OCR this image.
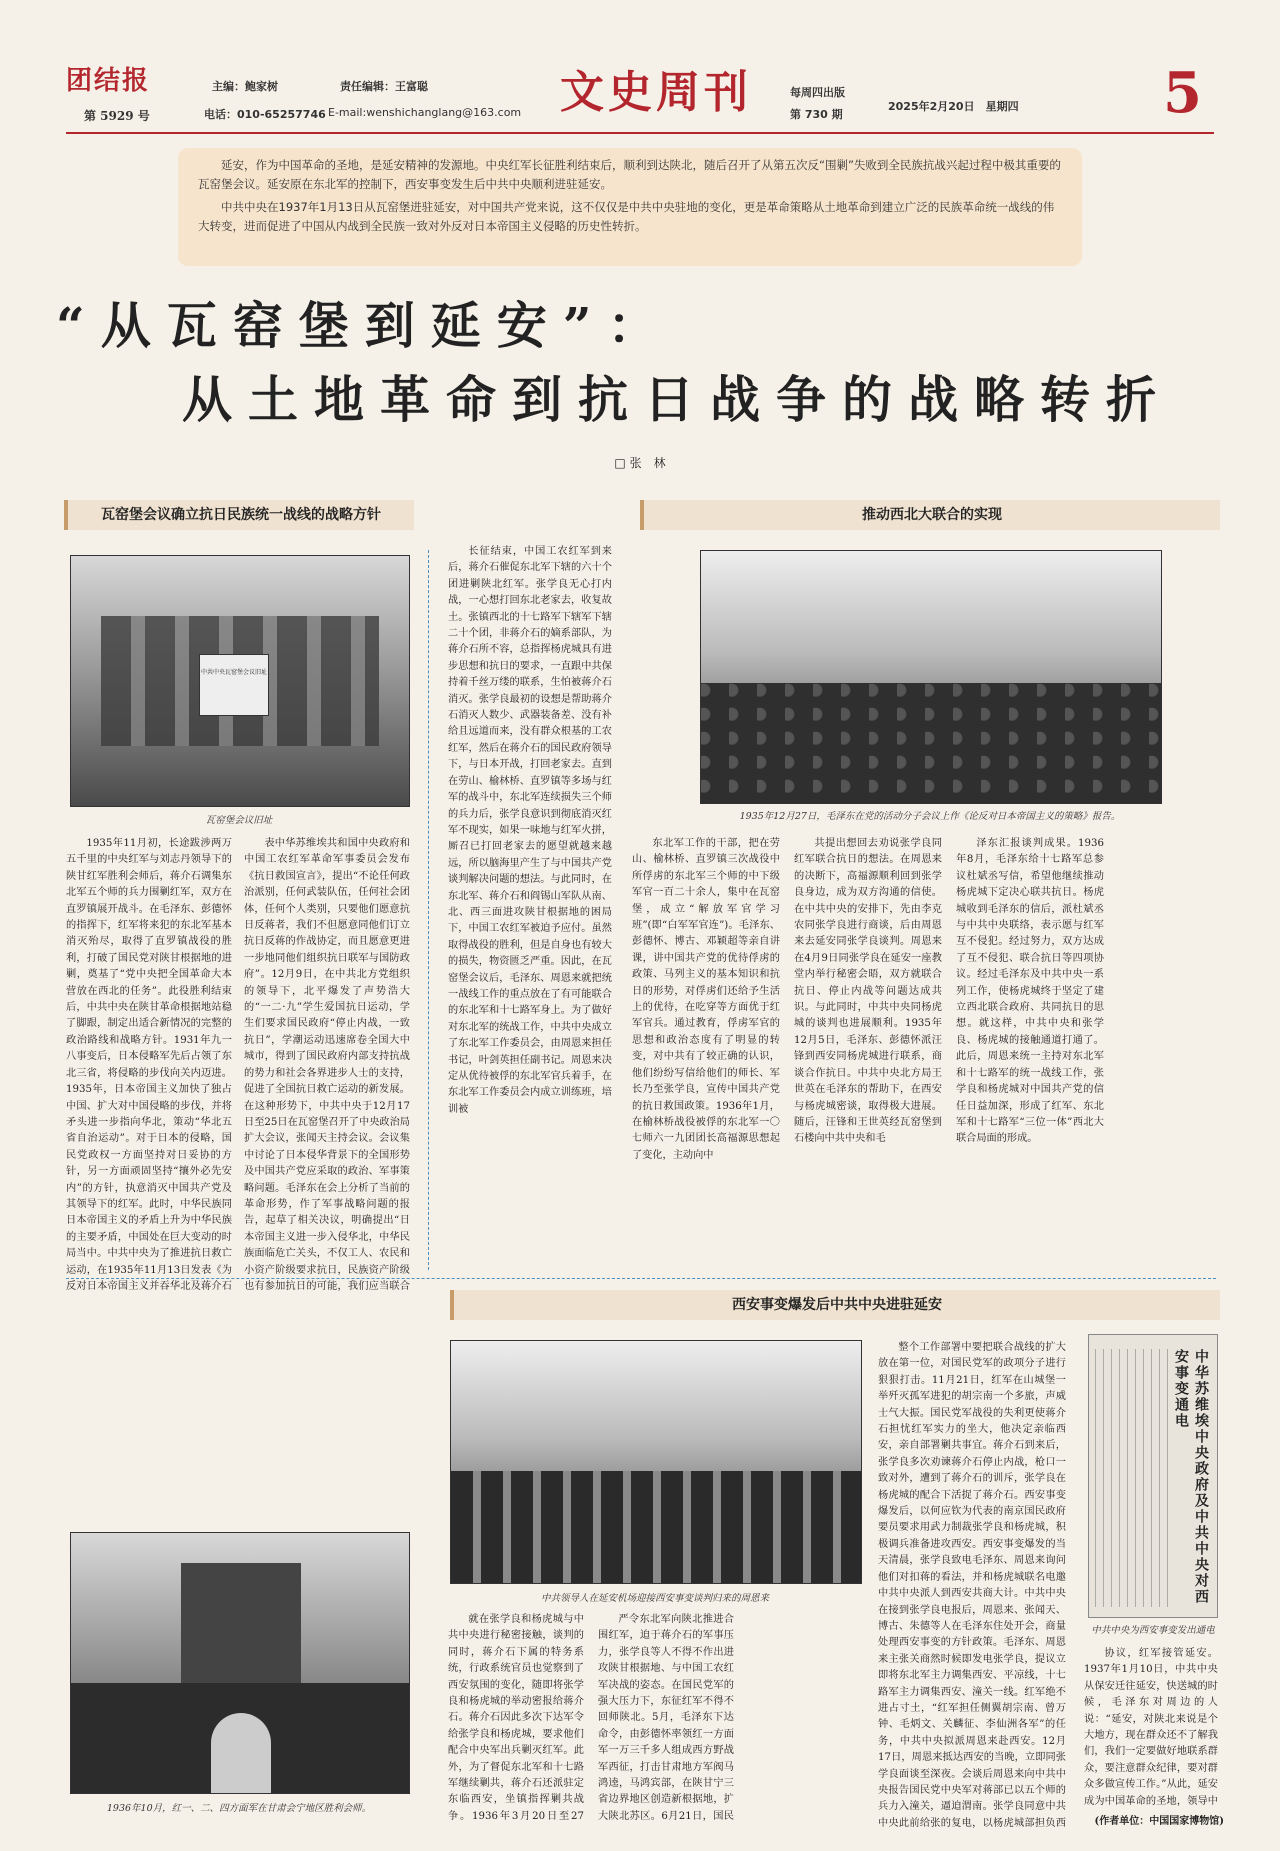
团结报
第 5929 号
主编：鲍家树	责任编辑：王富聪
电话：010-65257746 E-mail:wenshichanglang@163.com 文史周刊	每周四出版
第 730 期
2025年2月20日　星期四	5

延安，作为中国革命的圣地，是延安精神的发源地。中央红军长征胜利结束后，顺利到达陕北，随后召开了从第五次反“围剿”失败到全民族抗战兴起过程中极其重要的瓦窑堡会议。延安原在东北军的控制下，西安事变发生后中共中央顺利进驻延安。

中共中央在1937年1月13日从瓦窑堡进驻延安，对中国共产党来说，这不仅仅是中共中央驻地的变化，更是革命策略从土地革命到建立广泛的民族革命统一战线的伟大转变，进而促进了中国从内战到全民族一致对外反对日本帝国主义侵略的历史性转折。

“从瓦窑堡到延安”：
从土地革命到抗日战争的战略转折
□ 张　林
瓦窑堡会议确立抗日民族统一战线的战略方针
中共中央瓦窑堡会议旧址
瓦窑堡会议旧址

1935年11月初，长途跋涉两万五千里的中央红军与刘志丹领导下的陕甘红军胜利会师后，蒋介石调集东北军五个师的兵力围剿红军，双方在直罗镇展开战斗。在毛泽东、彭德怀的指挥下，红军将来犯的东北军基本消灭殆尽，取得了直罗镇战役的胜利，打破了国民党对陕甘根据地的进剿，奠基了“党中央把全国革命大本营放在西北的任务”。此役胜利结束后，中共中央在陕甘革命根据地站稳了脚跟，制定出适合新情况的完整的政治路线和战略方针。1931年九一八事变后，日本侵略军先后占领了东北三省，将侵略的步伐向关内迈进。1935年，日本帝国主义加快了独占中国、扩大对中国侵略的步伐，并将矛头进一步指向华北，策动“华北五省自治运动”。对于日本的侵略，国民党政权一方面坚持对日妥协的方针，另一方面顽固坚持“攘外必先安内”的方针，执意消灭中国共产党及其领导下的红军。此时，中华民族同日本帝国主义的矛盾上升为中华民族的主要矛盾，中国处在巨大变动的时局当中。中共中央为了推进抗日救亡运动，在1935年11月13日发表《为反对日本帝国主义并吞华北及蒋介石

表中华苏维埃共和国中央政府和中国工农红军革命军事委员会发布《抗日救国宣言》，提出“不论任何政治派别，任何武装队伍，任何社会团体，任何个人类别，只要他们愿意抗日反蒋者，我们不但愿意同他们订立抗日反蒋的作战协定，而且愿意更进一步地同他们组织抗日联军与国防政府”。12月9日，在中共北方党组织的领导下，北平爆发了声势浩大的“一二·九”学生爱国抗日运动，学生们要求国民政府“停止内战，一致抗日”，学潮运动迅速席卷全国大中城市，得到了国民政府内部支持抗战的势力和社会各界进步人士的支持，促进了全国抗日救亡运动的新发展。在这种形势下，中共中央于12月17日至25日在瓦窑堡召开了中央政治局扩大会议，张闻天主持会议。会议集中讨论了日本侵华背景下的全国形势及中国共产党应采取的政治、军事策略问题。毛泽东在会上分析了当前的革命形势，作了军事战略问题的报告，起草了相关决议，明确提出“日本帝国主义进一步入侵华北，中华民族面临危亡关头，不仅工人、农民和小资产阶级要求抗日，民族资产阶级也有参加抗日的可能，我们应当联合

长征结束，中国工农红军到来后，蒋介石催促东北军下辖的六十个团进剿陕北红军。张学良无心打内战，一心想打回东北老家去，收复故土。张镇西北的十七路军下辖军下辖二十个团，非蒋介石的嫡系部队，为蒋介石所不容，总指挥杨虎城具有进步思想和抗日的要求，一直跟中共保持着千丝万缕的联系，生怕被蒋介石消灭。张学良最初的设想是帮助蒋介石消灭人数少、武器装备差、没有补给且远道而来，没有群众根基的工农红军，然后在蒋介石的国民政府领导下，与日本开战，打回老家去。直到在劳山、榆林桥、直罗镇等多场与红军的战斗中，东北军连续损失三个师的兵力后，张学良意识到彻底消灭红军不现实，如果一味地与红军火拼，厮召已打回老家去的愿望就越来越远，所以脑海里产生了与中国共产党谈判解决问题的想法。与此同时，在东北军、蒋介石和阎锡山军队从南、北、西三面进攻陕甘根据地的困局下，中国工农红军被迫予应付。虽然取得战役的胜利，但是自身也有较大的损失，物资匮乏严重。因此，在瓦窑堡会议后，毛泽东、周恩来就把统一战线工作的重点放在了有可能联合的东北军和十七路军身上。为了做好对东北军的统战工作，中共中央成立了东北军工作委员会，由周恩来担任书记，叶剑英担任副书记。周恩来决定从优待被俘的东北军官兵着手，在东北军工作委员会内成立训练班，培训被

推动西北大联合的实现
1935年12月27日，毛泽东在党的活动分子会议上作《论反对日本帝国主义的策略》报告。

东北军工作的干部，把在劳山、榆林桥、直罗镇三次战役中所俘虏的东北军三个师的中下级军官一百二十余人，集中在瓦窑堡，成立“解放军官学习班”(即“白军军官连”)。毛泽东、彭德怀、博古、邓颖超等亲自讲课，讲中国共产党的优待俘虏的政策、马列主义的基本知识和抗日的形势，对俘虏们还给予生活上的优待，在吃穿等方面优于红军官兵。通过教育，俘虏军官的思想和政治态度有了明显的转变，对中共有了较正确的认识，他们纷纷写信给他们的师长、军长乃至张学良，宣传中国共产党的抗日救国政策。1936年1月，在榆林桥战役被俘的东北军一〇七师六一九团团长高福源思想起了变化，主动向中

共提出想回去劝说张学良同红军联合抗日的想法。在周恩来的决断下，高福源顺利回到张学良身边，成为双方沟通的信使。在中共中央的安排下，先由李克农同张学良进行商谈，后由周恩来去延安同张学良谈判。周恩来在4月9日同张学良在延安一座教堂内举行秘密会晤，双方就联合抗日、停止内战等问题达成共识。与此同时，中共中央同杨虎城的谈判也进展顺利。1935年12月5日，毛泽东、彭德怀派汪锋到西安同杨虎城进行联系，商谈合作抗日。中共中央北方局王世英在毛泽东的帮助下，在西安与杨虎城密谈，取得极大进展。随后，汪锋和王世英经瓦窑堡到石楼向中共中央和毛

泽东汇报谈判成果。1936年8月，毛泽东给十七路军总参议杜斌丞写信，希望他继续推动杨虎城下定决心联共抗日。杨虎城收到毛泽东的信后，派杜斌丞与中共中央联络，表示愿与红军互不侵犯。经过努力，双方达成了互不侵犯、联合抗日等四项协议。经过毛泽东及中共中央一系列工作，使杨虎城终于坚定了建立西北联合政府、共同抗日的思想。就这样，中共中央和张学良、杨虎城的接触通道打通了。此后，周恩来统一主持对东北军和十七路军的统一战线工作，张学良和杨虎城对中国共产党的信任日益加深，形成了红军、东北军和十七路军“三位一体”西北大联合局面的形成。

西安事变爆发后中共中央进驻延安
1936年10月，红一、二、四方面军在甘肃会宁地区胜利会师。
中共领导人在延安机场迎接西安事变谈判归来的周恩来

就在张学良和杨虎城与中共中央进行秘密接触，谈判的同时，蒋介石下属的特务系统，行政系统官员也觉察到了西安氛围的变化，随即将张学良和杨虎城的举动密报给蒋介石。蒋介石因此多次下达军令给张学良和杨虎城，要求他们配合中央军出兵剿灭红军。此外，为了督促东北军和十七路军继续剿共，蒋介石还派驻定东临西安，坐镇指挥剿共战争。1936年3月20日至27

严令东北军向陕北推进合围红军，迫于蒋介石的军事压力，张学良等人不得不作出进攻陕甘根据地、与中国工农红军决战的姿态。在国民党军的强大压力下，东征红军不得不回师陕北。5月，毛泽东下达命令，由彭德怀率领红一方面军一万三千多人组成西方野战军西征，打击甘肃地方军阀马鸿逵，马鸿宾部，在陕甘宁三省边界地区创造新根据地，扩大陕北苏区。6月21日，国民

整个工作部署中要把联合战线的扩大放在第一位，对国民党军的政项分子进行狠狠打击。11月21日，红军在山城堡一举歼灭孤军进犯的胡宗南一个多旅，声威士气大振。国民党军战役的失利更使蒋介石担忧红军实力的坐大，他决定亲临西安，亲自部署剿共事宜。蒋介石到来后，张学良多次劝谏蒋介石停止内战，枪口一致对外，遭到了蒋介石的训斥，张学良在杨虎城的配合下活捉了蒋介石。西安事变爆发后，以何应钦为代表的南京国民政府要员要求用武力制裁张学良和杨虎城，积极调兵准备进攻西安。西安事变爆发的当天清晨，张学良致电毛泽东、周恩来询问他们对扣蒋的看法，并和杨虎城联名电邀中共中央派人到西安共商大计。中共中央在接到张学良电报后，周恩来、张闻天、博古、朱德等人在毛泽东住处开会，商量处理西安事变的方针政策。毛泽东、周恩来主张关商然时候即发电张学良，提议立即将东北军主力调集西安、平凉线，十七路军主力调集西安、潼关一线。红军绝不进占寸土，“红军担任侧翼胡宗南、曾万钟、毛炳文、关麟征、李仙洲各军”的任务，中共中央拟派周恩来赴西安。12月17日，周恩来抵达西安的当晚，立即同张学良面谈至深夜。会谈后周恩来向中共中央报告国民党中央军对蒋部已以五个师的兵力入潼关，逼迫渭南。张学良同意中共中央此前给张的复电，以杨虎城部担负西

中华苏维埃中央政府及中共中央对西安事变通电
中共中央为西安事变发出通电

协议，红军接管延安。1937年1月10日，中共中央从保安迁往延安，快送城的时候，毛泽东对周边的人说：“延安，对陕北来说是个大地方，现在群众还不了解我们，我们一定要做好地联系群众，要注意群众纪律，要对群众多做宣传工作。”从此，延安成为中国革命的圣地，领导中

(作者单位：中国国家博物馆)
